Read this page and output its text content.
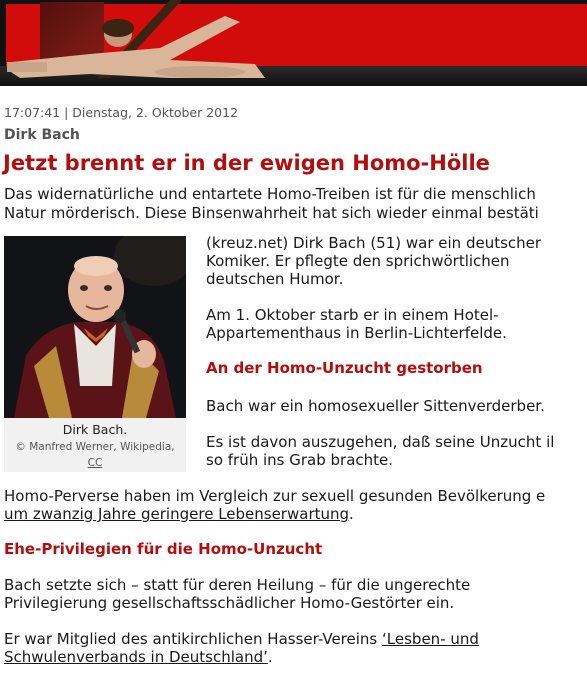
17:07:41 | Dienstag, 2. Oktober 2012
Dirk Bach
Jetzt brennt er in der ewigen Homo-Hölle
Das widernatürliche und entartete Homo-Treiben ist für die menschlich
Natur mörderisch. Diese Binsenwahrheit hat sich wieder einmal bestäti
Dirk Bach.
© Manfred Werner, Wikipedia,
CC
(kreuz.net) Dirk Bach (51) war ein deutscher
Komiker. Er pflegte den sprichwörtlichen
deutschen Humor.
Am 1. Oktober starb er in einem Hotel-
Appartementhaus in Berlin-Lichterfelde.
An der Homo-Unzucht gestorben
Bach war ein homosexueller Sittenverderber.
Es ist davon auszugehen, daß seine Unzucht il
so früh ins Grab brachte.
Homo-Perverse haben im Vergleich zur sexuell gesunden Bevölkerung e
um zwanzig Jahre geringere Lebenserwartung.
Ehe-Privilegien für die Homo-Unzucht
Bach setzte sich – statt für deren Heilung – für die ungerechte
Privilegierung gesellschaftsschädlicher Homo-Gestörter ein.
Er war Mitglied des antikirchlichen Hasser-Vereins ‘Lesben- und
Schwulenverbands in Deutschland’.
